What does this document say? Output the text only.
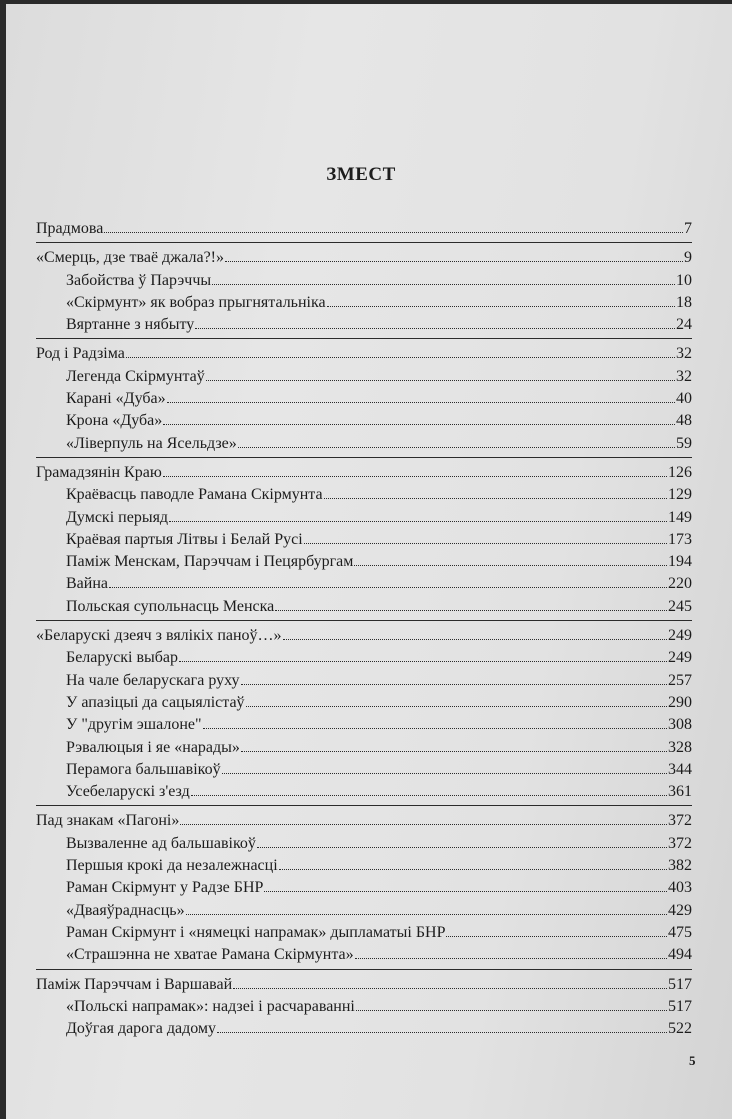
ЗМЕСТ
Прадмова	7
«Смерць, дзе тваё джала?!»	9
Забойства ў Парэччы	10
«Скірмунт» як вобраз прыгнятальніка	18
Вяртанне з нябыту	24
Род і Радзіма	32
Легенда Скірмунтаў	32
Карані «Дуба»	40
Крона «Дуба»	48
«Ліверпуль на Ясельдзе»	59
Грамадзянін Краю	126
Краёвасць паводле Рамана Скірмунта	129
Думскі перыяд	149
Краёвая партыя Літвы і Белай Русі	173
Паміж Менскам, Парэччам і Пецярбургам	194
Вайна	220
Польская супольнасць Менска	245
«Беларускі дзеяч з вялікіх паноў…»	249
Беларускі выбар	249
На чале беларускага руху	257
У апазіцыі да сацыялістаў	290
У "другім эшалоне"	308
Рэвалюцыя і яе «нарады»	328
Перамога бальшавікоў	344
Усебеларускі з'езд	361
Пад знакам «Пагоні»	372
Вызваленне ад бальшавікоў	372
Першыя крокі да незалежнасці	382
Раман Скірмунт у Радзе БНР	403
«Дваяўраднасць»	429
Раман Скірмунт і «нямецкі напрамак» дыпламатыі БНР	475
«Страшэнна не хватае Рамана Скірмунта»	494
Паміж Парэччам і Варшавай	517
«Польскі напрамак»: надзеі і расчараванні	517
Доўгая дарога дадому	522
5
